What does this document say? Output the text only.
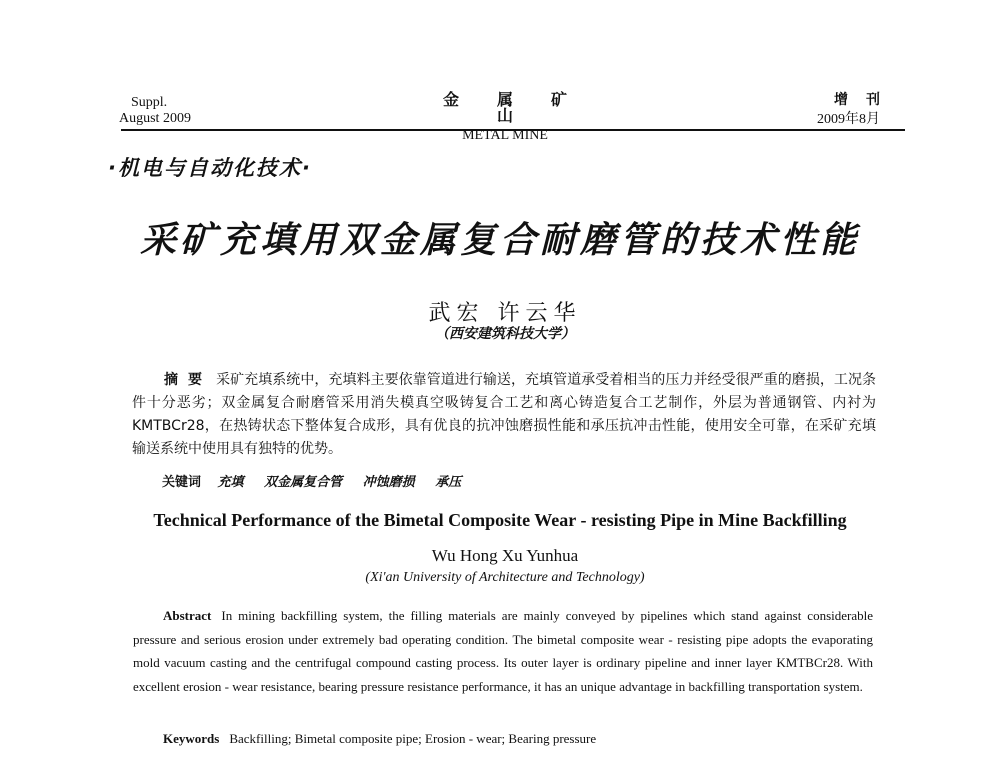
Suppl.
August 2009
金属矿山
METAL MINE
增刊
2009年8月
·机电与自动化技术·
采矿充填用双金属复合耐磨管的技术性能
武宏 许云华
（西安建筑科技大学）
摘要 采矿充填系统中，充填料主要依靠管道进行输送，充填管道承受着相当的压力并经受很严重的磨损，工况条件十分恶劣；双金属复合耐磨管采用消失模真空吸铸复合工艺和离心铸造复合工艺制作，外层为普通钢管、内衬为KMTBCr28，在热铸状态下整体复合成形，具有优良的抗冲蚀磨损性能和承压抗冲击性能，使用安全可靠，在采矿充填输送系统中使用具有独特的优势。
关键词 充填 双金属复合管 冲蚀磨损 承压
Technical Performance of the Bimetal Composite Wear - resisting Pipe in Mine Backfilling
Wu Hong Xu Yunhua
(Xi'an University of Architecture and Technology)
Abstract In mining backfilling system, the filling materials are mainly conveyed by pipelines which stand against considerable pressure and serious erosion under extremely bad operating condition. The bimetal composite wear - resisting pipe adopts the evaporating mold vacuum casting and the centrifugal compound casting process. Its outer layer is ordinary pipeline and inner layer KMTBCr28. With excellent erosion - wear resistance, bearing pressure resistance performance, it has an unique advantage in backfilling transportation system.
Keywords Backfilling; Bimetal composite pipe; Erosion - wear; Bearing pressure
